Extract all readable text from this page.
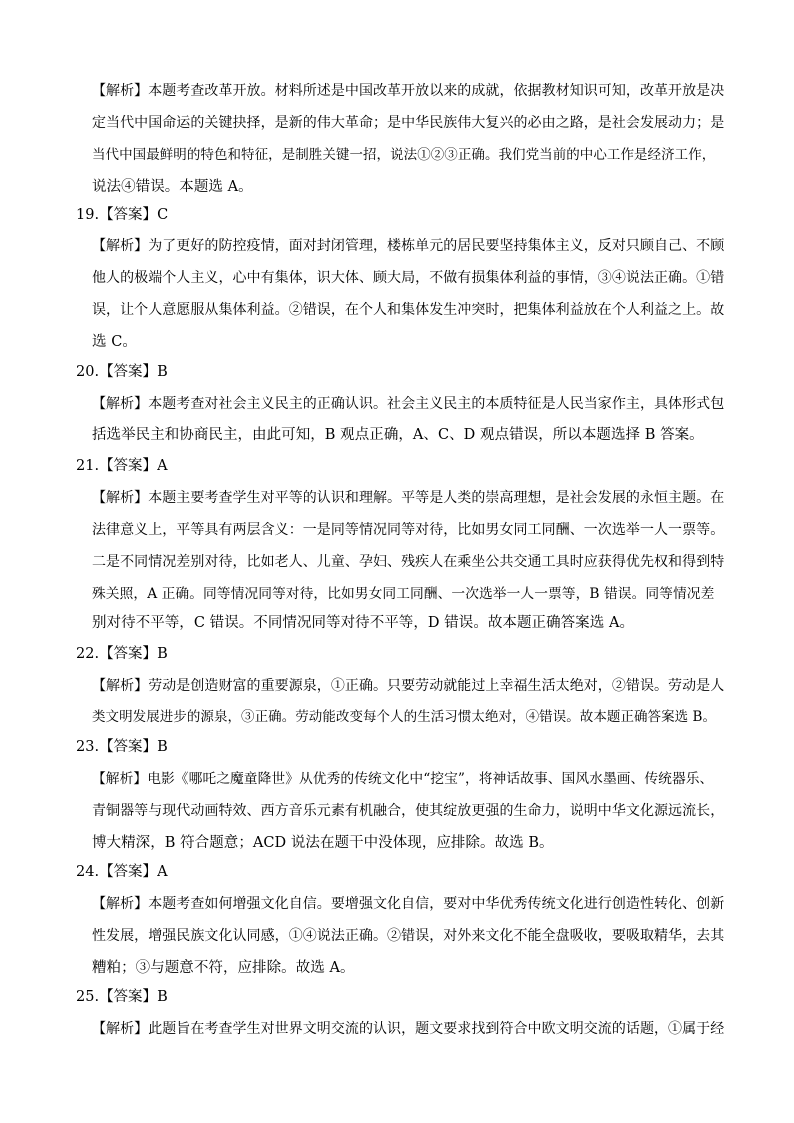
【解析】本题考查改革开放。材料所述是中国改革开放以来的成就，依据教材知识可知，改革开放是决
定当代中国命运的关键抉择，是新的伟大革命；是中华民族伟大复兴的必由之路，是社会发展动力；是
当代中国最鲜明的特色和特征，是制胜关键一招，说法①②③正确。我们党当前的中心工作是经济工作，
说法④错误。本题选 A。
19.【答案】C
【解析】为了更好的防控疫情，面对封闭管理，楼栋单元的居民要坚持集体主义，反对只顾自己、不顾
他人的极端个人主义，心中有集体，识大体、顾大局，不做有损集体利益的事情，③④说法正确。①错
误，让个人意愿服从集体利益。②错误，在个人和集体发生冲突时，把集体利益放在个人利益之上。故
选 C。
20.【答案】B
【解析】本题考查对社会主义民主的正确认识。社会主义民主的本质特征是人民当家作主，具体形式包
括选举民主和协商民主，由此可知，B 观点正确，A、C、D 观点错误，所以本题选择 B 答案。
21.【答案】A
【解析】本题主要考查学生对平等的认识和理解。平等是人类的崇高理想，是社会发展的永恒主题。在
法律意义上，平等具有两层含义：一是同等情况同等对待，比如男女同工同酬、一次选举一人一票等。
二是不同情况差别对待，比如老人、儿童、孕妇、残疾人在乘坐公共交通工具时应获得优先权和得到特
殊关照，A 正确。同等情况同等对待，比如男女同工同酬、一次选举一人一票等，B 错误。同等情况差
别对待不平等，C 错误。不同情况同等对待不平等，D 错误。故本题正确答案选 A。
22.【答案】B
【解析】劳动是创造财富的重要源泉，①正确。只要劳动就能过上幸福生活太绝对，②错误。劳动是人
类文明发展进步的源泉，③正确。劳动能改变每个人的生活习惯太绝对，④错误。故本题正确答案选 B。
23.【答案】B
【解析】电影《哪吒之魔童降世》从优秀的传统文化中“挖宝”，将神话故事、国风水墨画、传统器乐、
青铜器等与现代动画特效、西方音乐元素有机融合，使其绽放更强的生命力，说明中华文化源远流长，
博大精深，B 符合题意；ACD 说法在题干中没体现，应排除。故选 B。
24.【答案】A
【解析】本题考查如何增强文化自信。要增强文化自信，要对中华优秀传统文化进行创造性转化、创新
性发展，增强民族文化认同感，①④说法正确。②错误，对外来文化不能全盘吸收，要吸取精华，去其
糟粕；③与题意不符，应排除。故选 A。
25.【答案】B
【解析】此题旨在考查学生对世界文明交流的认识，题文要求找到符合中欧文明交流的话题，①属于经
